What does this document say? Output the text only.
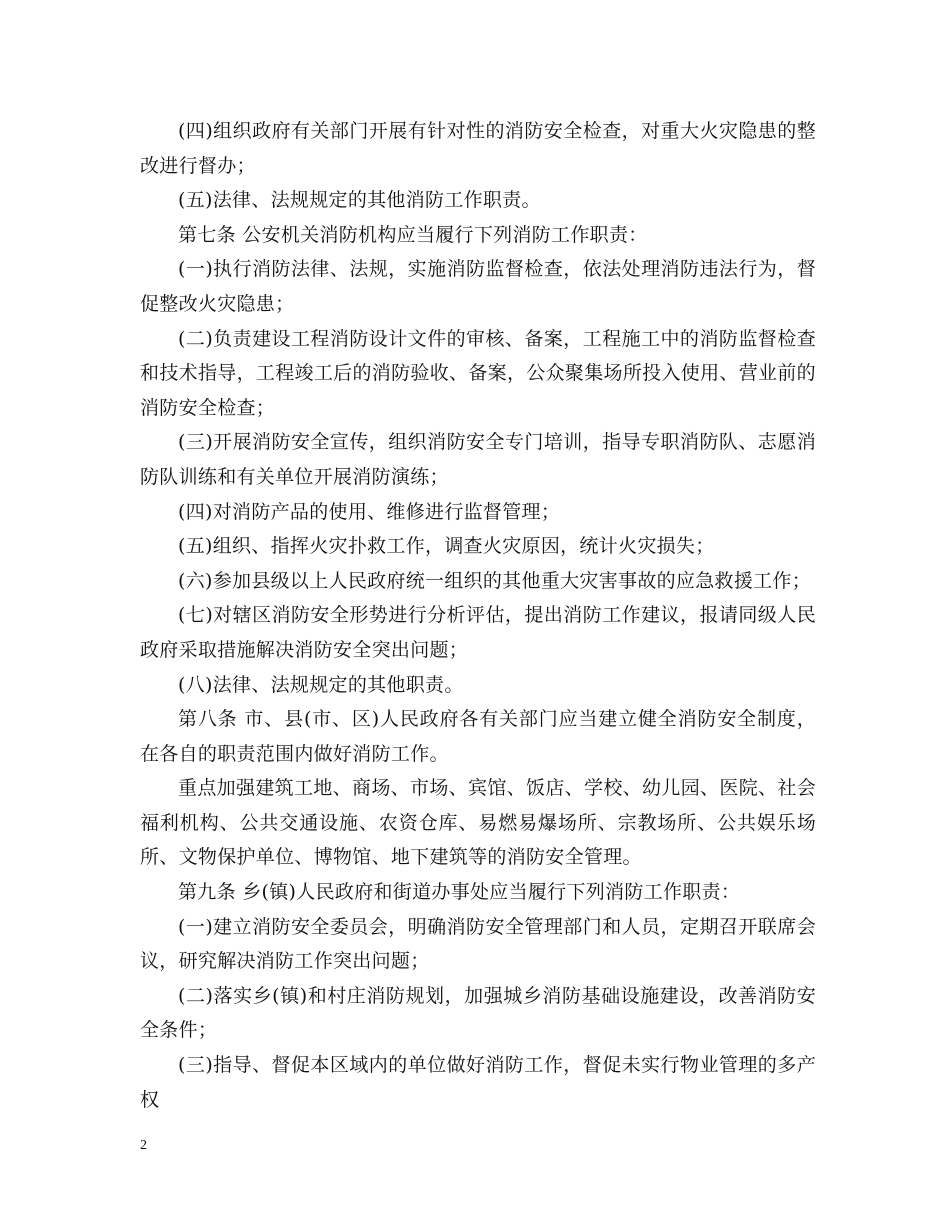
(四)组织政府有关部门开展有针对性的消防安全检查，对重大火灾隐患的整改进行督办；

(五)法律、法规规定的其他消防工作职责。

第七条 公安机关消防机构应当履行下列消防工作职责：

(一)执行消防法律、法规，实施消防监督检查，依法处理消防违法行为，督促整改火灾隐患；

(二)负责建设工程消防设计文件的审核、备案，工程施工中的消防监督检查和技术指导，工程竣工后的消防验收、备案，公众聚集场所投入使用、营业前的消防安全检查；

(三)开展消防安全宣传，组织消防安全专门培训，指导专职消防队、志愿消防队训练和有关单位开展消防演练；

(四)对消防产品的使用、维修进行监督管理；

(五)组织、指挥火灾扑救工作，调查火灾原因，统计火灾损失；

(六)参加县级以上人民政府统一组织的其他重大灾害事故的应急救援工作；

(七)对辖区消防安全形势进行分析评估，提出消防工作建议，报请同级人民政府采取措施解决消防安全突出问题；

(八)法律、法规规定的其他职责。

第八条 市、县(市、区)人民政府各有关部门应当建立健全消防安全制度，在各自的职责范围内做好消防工作。

重点加强建筑工地、商场、市场、宾馆、饭店、学校、幼儿园、医院、社会福利机构、公共交通设施、农资仓库、易燃易爆场所、宗教场所、公共娱乐场所、文物保护单位、博物馆、地下建筑等的消防安全管理。

第九条 乡(镇)人民政府和街道办事处应当履行下列消防工作职责：

(一)建立消防安全委员会，明确消防安全管理部门和人员，定期召开联席会议，研究解决消防工作突出问题；

(二)落实乡(镇)和村庄消防规划，加强城乡消防基础设施建设，改善消防安全条件；

(三)指导、督促本区域内的单位做好消防工作，督促未实行物业管理的多产权

2
